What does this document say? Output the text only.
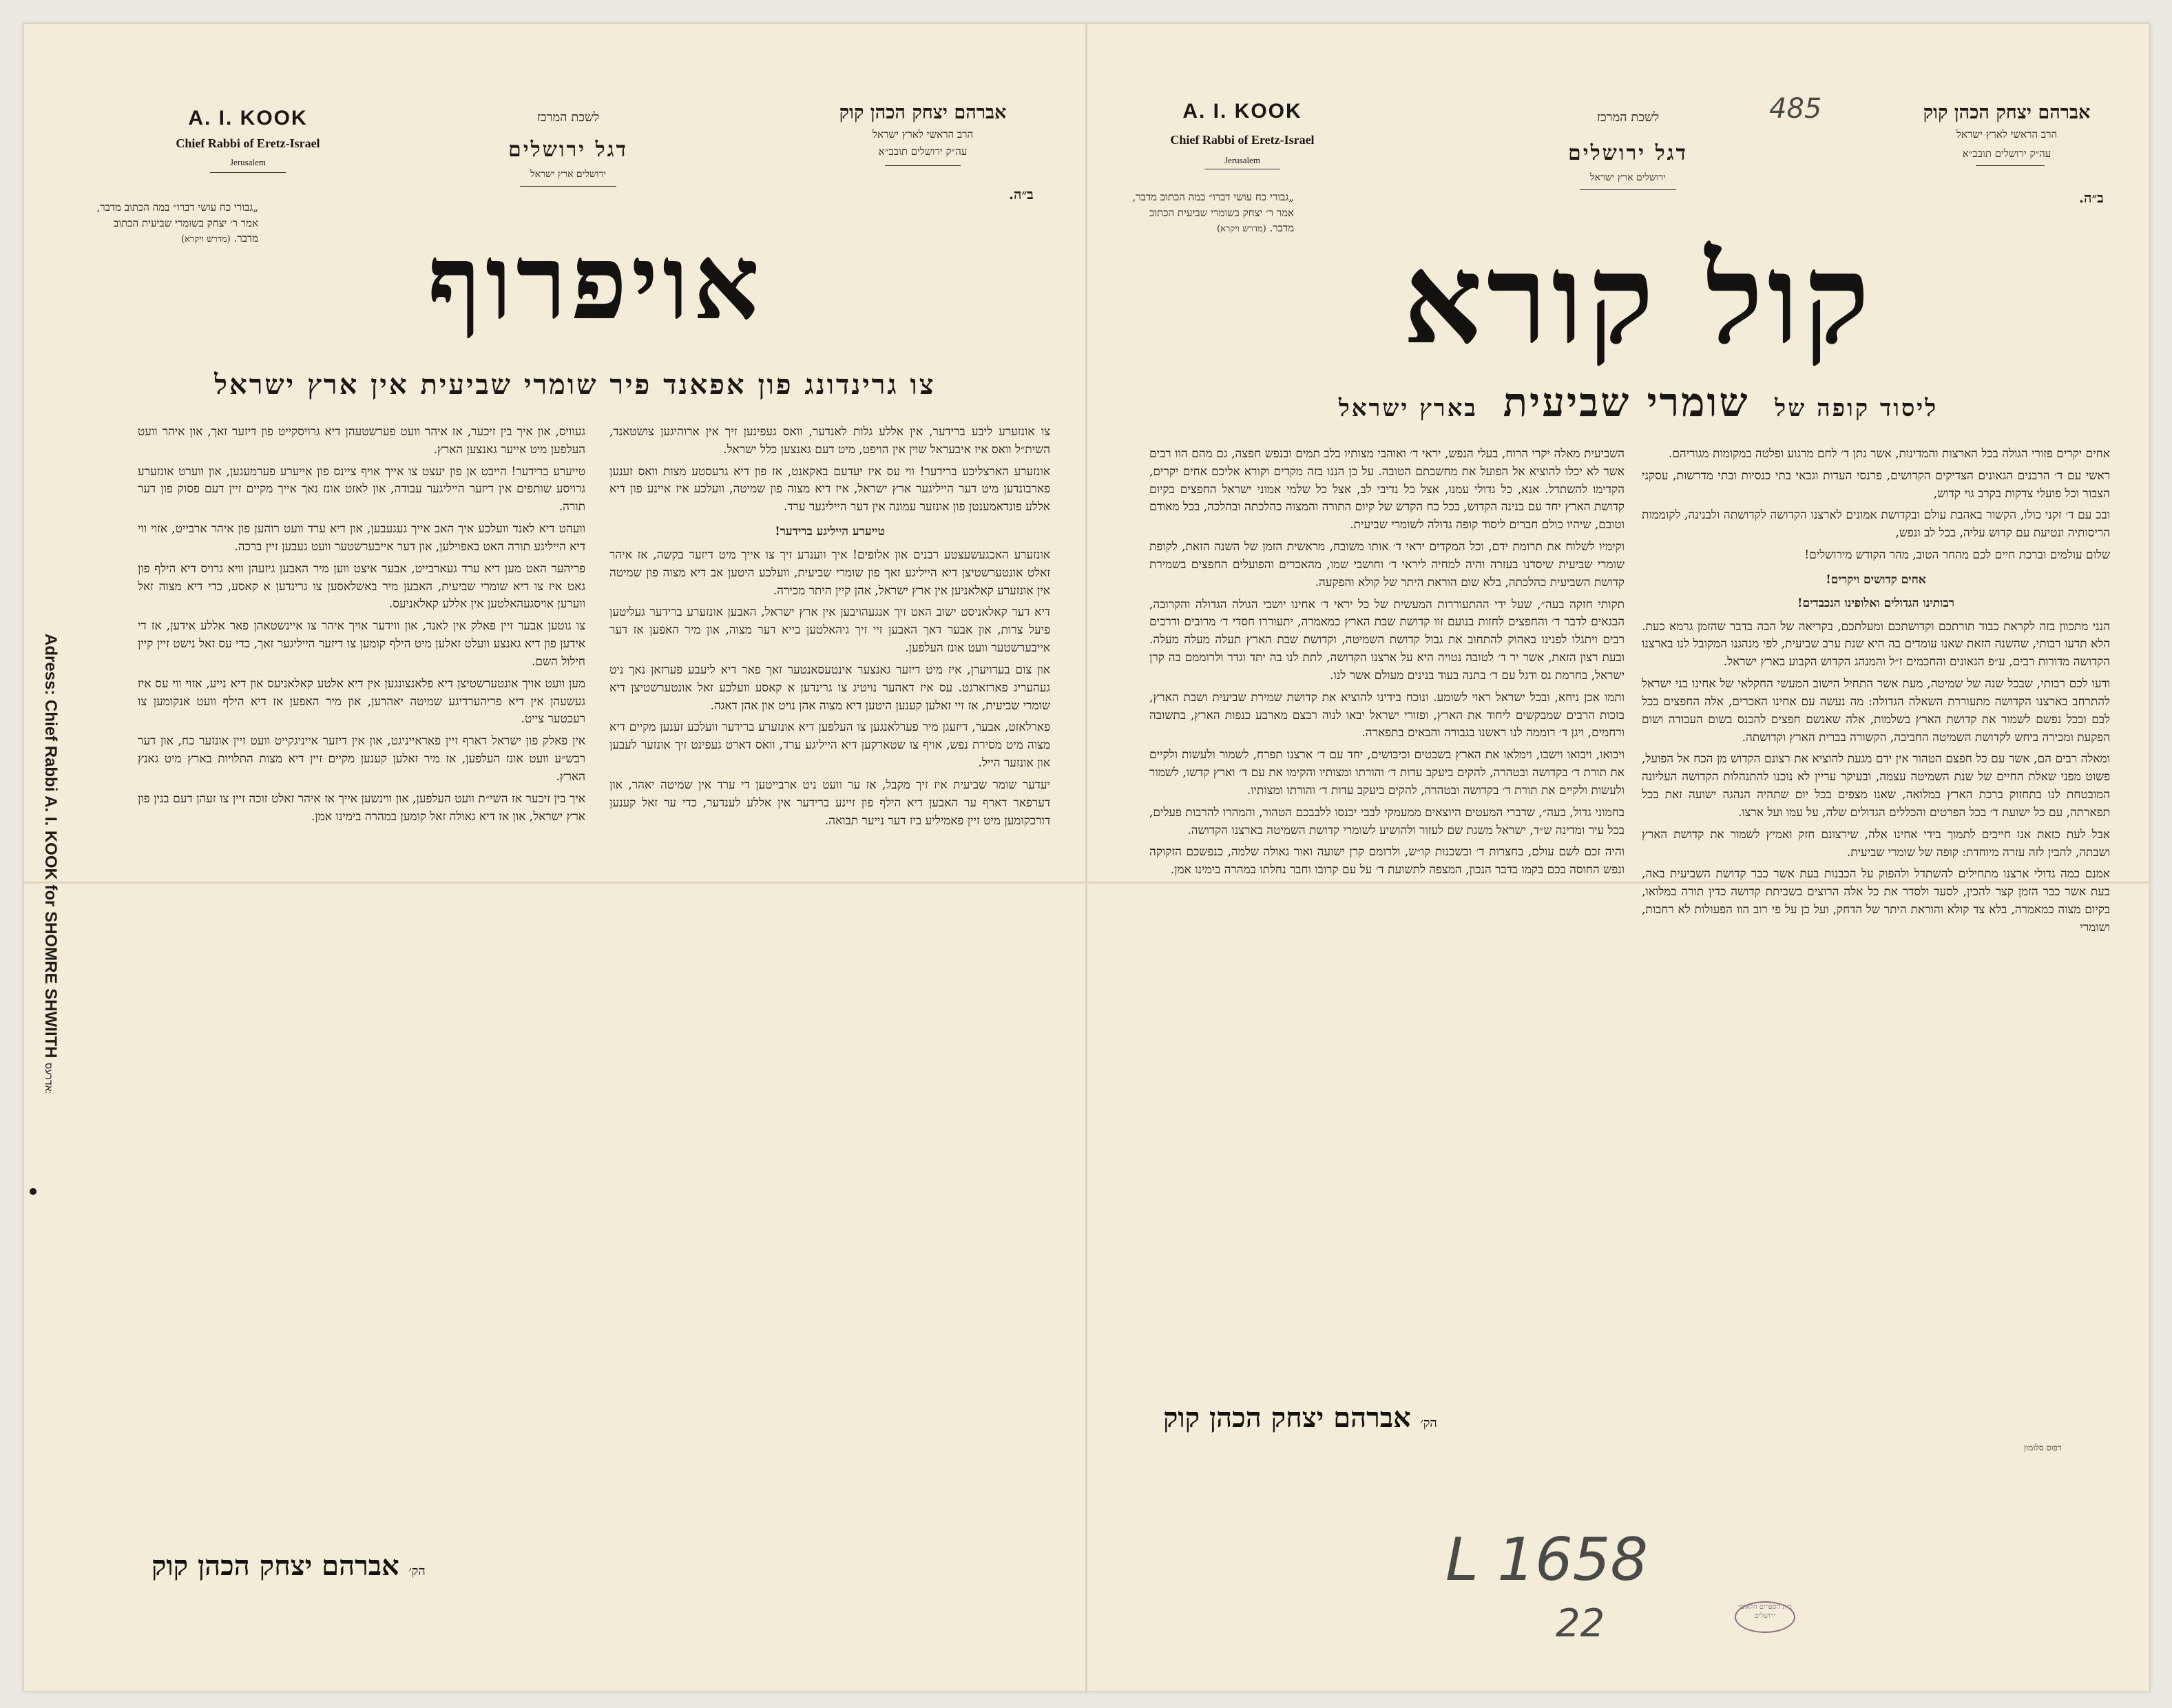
אברהם יצחק הכהן קוק
הרב הראשי לארץ ישראל
עה״ק ירושלים תובב״א
לשכת המרכז
דגל ירושלים
ירושלים ארץ ישראל
A. I. KOOK
Chief Rabbi of Eretz-Israel
Jerusalem
ב״ה.
„גבורי כח עושי דברו״ במה הכתוב מדבר, אמר ר׳ יצחק בשומרי שביעית הכתוב מדבר. (מדרש ויקרא)	אויפרוף
צו גרינדונג פון אפאנד פיר שומרי שביעית אין ארץ ישראל

צו אונזערע ליבע ברידער, אין אללע גלות לאנדער, וואס געפינען זיך אין ארוהיגען צושטאנד, השית״ל וואס איז איבעראל שוין אין הויפט, מיט דעם גאנצען כלל ישראל.

אונזערע הארצליכע ברידער! ווי עס איז יעדעם באקאנט, אז פון דיא גרעסטע מצות וואס זענען פארבונדען מיט דער הייליגער ארץ ישראל, איז דיא מצוה פון שמיטה, וועלכע איז איינע פון דיא אללע פונדאמענטן פון אונזער עמונה אין דער הייליגער ערד.

טייערע הייליגע ברידער!

אונזערע האכגעשעצטע רבנים און אלופים! איך ווענדע זיך צו אייך מיט דיזער בקשה, אז איהר זאלט אונטערשטיצן דיא הייליגע זאך פון שומרי שביעית, וועלכע היטען אב דיא מצוה פון שמיטה אין אונזערע קאלאניען אין ארץ ישראל, אהן קיין היתר מכירה.

דיא דער קאלאניסט ישוב האט זיך אנגעהויבען אין ארץ ישראל, האבען אונזערע ברידער געליטען פיעל צרות, און אבער דאך האבען זיי זיך גיהאלטען בייא דער מצוה, און מיר האפען אז דער אייבערשטער וועט אונז העלפען.

און צום בעדויערן, איז מיט דיזער גאנצער אינטעסאנטער זאך פאר דיא ליעבע פערזאן נאך ניט געהעריג פארזארגט. עס איז דאהער נויטיג צו גרינדען א קאסע וועלכע זאל אונטערשטיצן דיא שומרי שביעית, אז זיי זאלען קענען היטען דיא מצוה אהן נויט און אהן דאגה.

פארלאזט, אבער, דיזעגן מיר פערלאנגען צו העלפען דיא אונזערע ברידער וועלכע זענען מקיים דיא מצוה מיט מסירת נפש, אויף צו שטארקען דיא הייליגע ערד, וואס דארט געפינט זיך אונזער לעבען און אונזער הייל.

יעדער שומר שביעית איז זיך מקבל, אז ער וועט ניט ארבייטען די ערד אין שמיטה יאהר, און דערפאר דארף ער האבען דיא הילף פון זיינע ברידער אין אללע לענדער, כדי ער זאל קענען דורכקומען מיט זיין פאמיליע ביז דער נייער תבואה.

געוויס, און איך בין זיכער, אז איהר וועט פערשטעהן דיא גרויסקייט פון דיזער זאך, און איהר וועט העלפען מיט אייער גאנצען הארץ.

טייערע ברידער! הייבט אן פון יעצט צו אייך אויף ציינס פון אייערע פערמעגען, און ווערט אונזערע גרויסע שותפים אין דיזער הייליגער עבודה, און לאזט אונז נאך אייך מקיים זיין דעם פסוק פון דער תורה.

וועהט דיא לאנד וועלכע איך האב אייך געגעבען, און דיא ערד וועט רוהען פון איהר ארבייט, אזוי ווי דיא הייליגע תורה האט באפוילען, און דער אייבערשטער וועט געבען זיין ברכה.

פריהער האט מען דיא ערד געארבייט, אבער איצט ווען מיר האבען גיזעהן וויא גרויס דיא הילף פון גאט איז צו דיא שומרי שביעית, האבען מיר באשלאסען צו גרינדען א קאסע, כדי דיא מצוה זאל ווערען אויסגעהאלטען אין אללע קאלאניעס.

צו גוטען אבער זיין פאלק אין לאנד, און ווידער אויך איהר צו איינשטאהן פאר אללע אידען, אז די אידען פון דיא גאנצע וועלט זאלען מיט הילף קומען צו דיזער הייליגער זאך, כדי עס זאל נישט זיין קיין חילול השם.

מען וועט אויך אונטערשטיצן דיא פלאנצונגען אין דיא אלטע קאלאניעס און דיא נייע, אזוי ווי עס איז געשעהן אין דיא פריהערדיגע שמיטה יאהרען, און מיר האפען אז דיא הילף וועט אנקומען צו רעכטער צייט.

אין פאלק פון ישראל דארף זיין פאראייניגט, און אין דיזער אייניגקייט וועט זיין אונזער כח, און דער רבש״ע וועט אונז העלפען, אז מיר זאלען קענען מקיים זיין דיא מצות התלויות בארץ מיט גאנץ הארץ.

איך בין זיכער אז השי״ת וועט העלפען, און ווינשען אייך אז איהר זאלט זוכה זיין צו זעהן דעם בנין פון ארץ ישראל, און אז דיא גאולה זאל קומען במהרה בימינו אמן.

הק׳ אברהם יצחק הכהן קוק
Adress: Chief Rabbi A. I. KOOK for SHOMRE SHWIITH אדרעס:
אברהם יצחק הכהן קוק
הרב הראשי לארץ ישראל
עה״ק ירושלים תובב״א
לשכת המרכז
דגל ירושלים
ירושלים ארץ ישראל
A. I. KOOK
Chief Rabbi of Eretz-Israel
Jerusalem
ב״ה.
„גבורי כח עושי דברו״ במה הכתוב מדבר, אמר ר׳ יצחק בשומרי שביעית הכתוב מדבר. (מדרש ויקרא)	קול קורא
ליסוד קופה של שומרי שביעית בארץ ישראל

אחים יקרים פזורי הגולה בכל הארצות והמדינות, אשר נתן ד׳ לחם מרגוע ופלטה במקומות מגוריהם.

ראשי עם ד׳ הרבנים הגאונים הצדיקים הקדושים, פרנסי העדות וגבאי בתי כנסיות ובתי מדרשות, עסקני הצבור וכל פועלי צדקות בקרב גוי קדוש,

ובכ עם ד׳ זקני כולו, הקשור באהבת עולם ובקדושת אמונים לארצנו הקדושה לקדושתה ולבנינה, לקוממות הריסותיה ונטיעת עם קדוש עליה, בכל לב ונפש,

שלום עולמים וברכת חיים לכם מהחר הטוב, מהר הקודש מירושלים!

אחים קדושים ויקרים!

רבותינו הגדולים ואלופינו הנכבדים!

הנני מתכוון בזה לקראת כבוד תורתכם וקדושתכם ומעלתכם, בקריאה של הבה בדבר שהזמן גרמא כעת. הלא תדעו רבותי, שהשנה הזאת שאנו עומדים בה היא שנת ערב שביעית, לפי מנהגנו המקובל לנו בארצנו הקדושה מדורות רבים, ע״פ הגאונים והחכמים ז״ל והמנהג הקדוש הקבוע בארץ ישראל.

ודעו לכם רבותי, שבכל שנה של שמיטה, מעת אשר התחיל הישוב המעשי החקלאי של אחינו בני ישראל להתרחב בארצנו הקדושה מתעוררת השאלה הגדולה: מה נעשה עם אחינו האכרים, אלה החפצים בכל לבם ובכל נפשם לשמור את קדושת הארץ בשלמות, אלה שאנשם חפצים להכנס בשום העבודה ושום הפקעת ומכירה ביחש לקדושת השמיטה החביבה, הקשורה בברית הארץ וקדושתה.

ומאלה רבים הם, אשר עם כל חפצם הטהור אין ידם מגעת להוציא את רצונם הקדוש מן הכח אל הפועל, פשוט מפני שאלת החיים של שנת השמיטה עצמה, ובעיקר עריין לא נוכנו להתנהלות הקדושה העליונה המובטחת לנו בתחזוק ברכת הארץ במלואה, שאנו מצפים בכל יום שתהיה הנהגה ישועה זאת בכל תפארתה, עם כל ישועת ד׳ בכל הפרטים והכללים הגדולים שלה, על עמו ועל ארצו.

אבל לעת כזאת אנו חייבים לתמוך בידי אחינו אלה, שירצונם חזק ואמיץ לשמור את קדושת הארץ ושבתה, להבין לזה עזרה מיוחדת: קופה של שומרי שביעית.

אמנם כמה גדולי ארצנו מתחילים להשתדל ולהפוק על הכבנות בעת אשר כבר קדושת השביעית באה, בעת אשר כבר הזמן קצר להכין, לסעד ולסדר את כל אלה הרוצים בשביתת קדושה כדין תורה במלואו, בקיום מצוה כמאמרה, בלא צד קולא והוראת היתר של הדחק, ועל כן על פי רוב הוו הפעולות לא רחבות, ושומרי

השביעית מאלה יקרי הרוח, בעלי הנפש, יראי ד׳ ואוהבי מצותיו בלב תמים ובנפש חפצה, גם מהם הוו רבים אשר לא יכלו להוציא אל הפועל את מחשבתם הטובה. על כן הננו בזה מקדים וקורא אליכם אחים יקרים, הקדימו להשתדל. אנא, כל גדולי עמנו, אצל כל נדיבי לב, אצל כל שלמי אמוני ישראל החפצים בקיום קדושת הארץ יחד עם בנינה הקדוש, בכל כח הקדש של קיום התורה והמצוה כהלכתה ובהלכה, בכל מאודם וטובם, שיהיו כולם חברים ליסוד קופה גדולה לשומרי שביעית.

וקימיו לשלוח את תרומת ידם, וכל המקדים יראי ד׳ אותו משובח, מראשית הזמן של השנה הזאת, לקופת שומרי שביעית שיסדנו בעזרה והיה למחיה ליראי ד׳ וחושבי שמו, מהאכרים והפועלים החפצים בשמירת קדושת השביעית כהלכתה, בלא שום הוראת היתר של קולא והפקעה.

תקותי חזקה בעה״, שעל ידי ההתעוררות המעשית של כל יראי ד׳ אחינו יושבי הגולה הגדולה והקרובה, הבגאים לדבר ד׳ והחפצים לחזות בנועם זוו קדושת שבת הארץ כמאמרה, יתעוררו חסדי ד׳ מרובים ודרכים רבים ויתגלו לפנינו באהוק להתחוב את גבול קדושת השמיטה, וקדושת שבת הארץ תעלה מעלה מעלה. ובעת רצון הזאת, אשר יר ד׳ לטובה נטויה היא על ארצנו הקדושה, לתת לנו בה יתד וגדר ולרוממם בה קרן ישראל, בחרמת נס ודגל עם ד׳ בתנה בעוד בנינים מעולם אשר לנו.

ותמו אכן ניחא, ובכל ישראל ראוי לשומע. ונוכח בידינו להוציא את קדושת שמירת שביעית ושבת הארץ, בזכות הרבים שמבקשים ליחוד את הארץ, ופזורי ישראל יבאו לנוה רבצם מארבע כנפות הארץ, בתשובה ורחמים, ויגן ד׳ רוממה לנו ראשנו בגבורה והבאים בתפארה.

ויבואו, ויבואו וישבו, וימלאו את הארץ בשבטים וכיבושים, יחד עם ד׳ ארצנו תפרח, לשמור ולעשות ולקיים את תורת ד׳ בקדושה ובטהרה, להקים ביעקב עדות ד׳ והורתו ומצותיו והקימו את עם ד׳ וארץ קדשו, לשמור ולעשות ולקיים את תורת ד׳ בקדושה ובטהרה, להקים ביעקב עדות ד׳ והורתו ומצותיו.

בחמוני גדול, בעה״, שדברי המעטים היוצאים ממעמקי לבבי יכנסו ללבבכם הטהור, והמהרו להרבות פעלים, בכל עיר ומדינה ש״ד, ישראל משגת שם לעזור ולהושיע לשומרי קדושת השמיטה בארצנו הקדושה.

והיה זכם לשם עולם, בחצרות ד׳ ובשכנות קו״ש, ולרומם קרן ישועה ואור גאולה שלמה, כנפשכם הזקוקה ונפש החוסה בכם בקמו בדבר הנכון, המצפה לתשועת ד׳ על עם קרובו וחבר נחלתו במהרה בימינו אמן.

הק׳ אברהם יצחק הכהן קוק
דפוס סלומון
485
L 1658
22	בית הספרים הלאומי ירושלים
